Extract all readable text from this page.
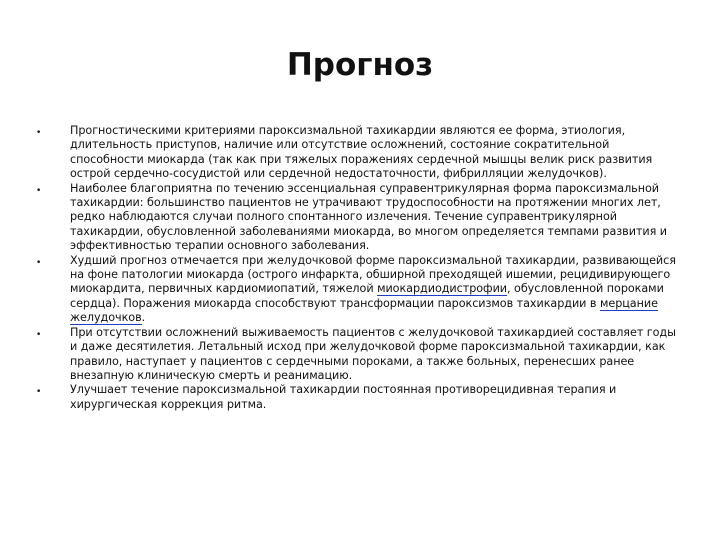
Прогноз
•	Прогностическими критериями пароксизмальной тахикардии являются ее форма, этиология, длительность приступов, наличие или отсутствие осложнений, состояние сократительной способности миокарда (так как при тяжелых поражениях сердечной мышцы велик риск развития острой сердечно-сосудистой или сердечной недостаточности, фибрилляции желудочков).
•	Наиболее благоприятна по течению эссенциальная суправентрикулярная форма пароксизмальной тахикардии: большинство пациентов не утрачивают трудоспособности на протяжении многих лет, редко наблюдаются случаи полного спонтанного излечения. Течение суправентрикулярной тахикардии, обусловленной заболеваниями миокарда, во многом определяется темпами развития и эффективностью терапии основного заболевания.
•	Худший прогноз отмечается при желудочковой форме пароксизмальной тахикардии, развивающейся на фоне патологии миокарда (острого инфаркта, обширной преходящей ишемии, рецидивирующего миокардита, первичных кардиомиопатий, тяжелой миокардиодистрофии, обусловленной пороками сердца). Поражения миокарда способствуют трансформации пароксизмов тахикардии в мерцание желудочков.
•	При отсутствии осложнений выживаемость пациентов с желудочковой тахикардией составляет годы и даже десятилетия. Летальный исход при желудочковой форме пароксизмальной тахикардии, как правило, наступает у пациентов с сердечными пороками, а также больных, перенесших ранее внезапную клиническую смерть и реанимацию.
•	Улучшает течение пароксизмальной тахикардии постоянная противорецидивная терапия и хирургическая коррекция ритма.
